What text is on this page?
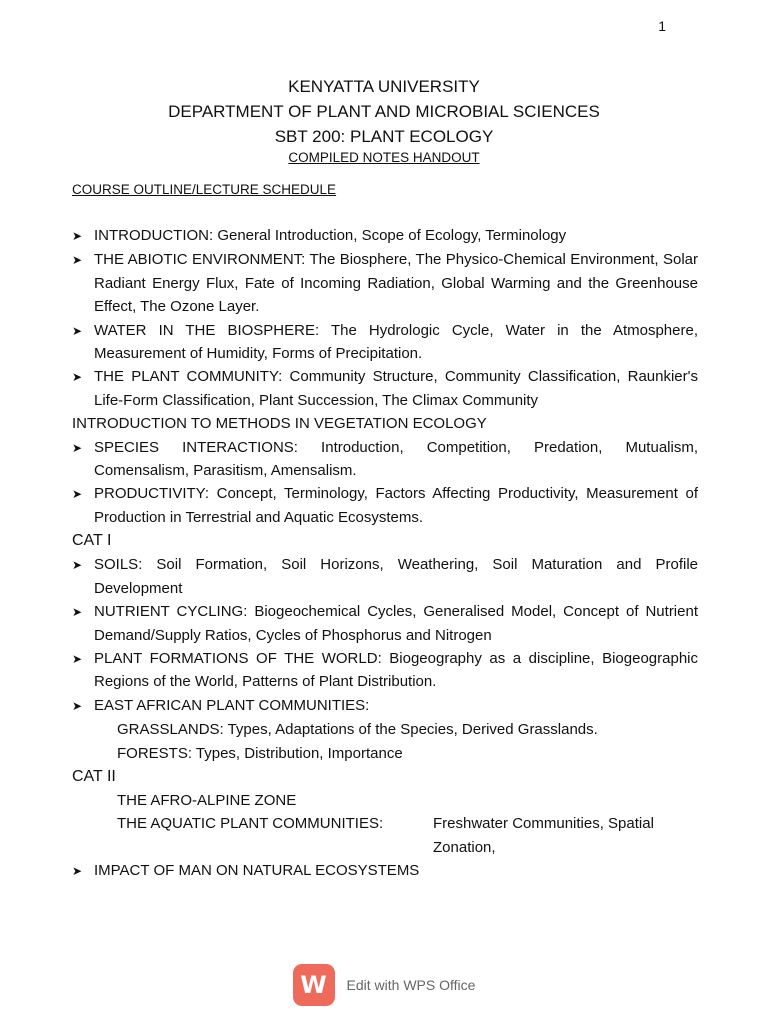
1
KENYATTA UNIVERSITY
DEPARTMENT OF PLANT AND MICROBIAL SCIENCES
SBT 200: PLANT ECOLOGY
COMPILED NOTES HANDOUT
COURSE OUTLINE/LECTURE SCHEDULE
➤ INTRODUCTION: General Introduction, Scope of Ecology, Terminology
➤ THE ABIOTIC ENVIRONMENT: The Biosphere, The Physico-Chemical Environment, Solar Radiant Energy Flux, Fate of Incoming Radiation, Global Warming and the Greenhouse Effect, The Ozone Layer.
➤ WATER IN THE BIOSPHERE: The Hydrologic Cycle, Water in the Atmosphere, Measurement of Humidity, Forms of Precipitation.
➤ THE PLANT COMMUNITY: Community Structure, Community Classification, Raunkier's Life-Form Classification, Plant Succession, The Climax Community
INTRODUCTION TO METHODS IN VEGETATION ECOLOGY
➤ SPECIES INTERACTIONS: Introduction, Competition, Predation, Mutualism, Comensalism, Parasitism, Amensalism.
➤ PRODUCTIVITY: Concept, Terminology, Factors Affecting Productivity, Measurement of Production in Terrestrial and Aquatic Ecosystems.
CAT I
➤ SOILS: Soil Formation, Soil Horizons, Weathering, Soil Maturation and Profile Development
➤ NUTRIENT CYCLING: Biogeochemical Cycles, Generalised Model, Concept of Nutrient Demand/Supply Ratios, Cycles of Phosphorus and Nitrogen
➤ PLANT FORMATIONS OF THE WORLD: Biogeography as a discipline, Biogeographic Regions of the World, Patterns of Plant Distribution.
➤ EAST AFRICAN PLANT COMMUNITIES:
GRASSLANDS: Types, Adaptations of the Species, Derived Grasslands.
FORESTS: Types, Distribution, Importance
CAT II
THE AFRO-ALPINE ZONE
THE AQUATIC PLANT COMMUNITIES:	Freshwater Communities, Spatial Zonation,
➤ IMPACT OF MAN ON NATURAL ECOSYSTEMS
W	Edit with WPS Office
